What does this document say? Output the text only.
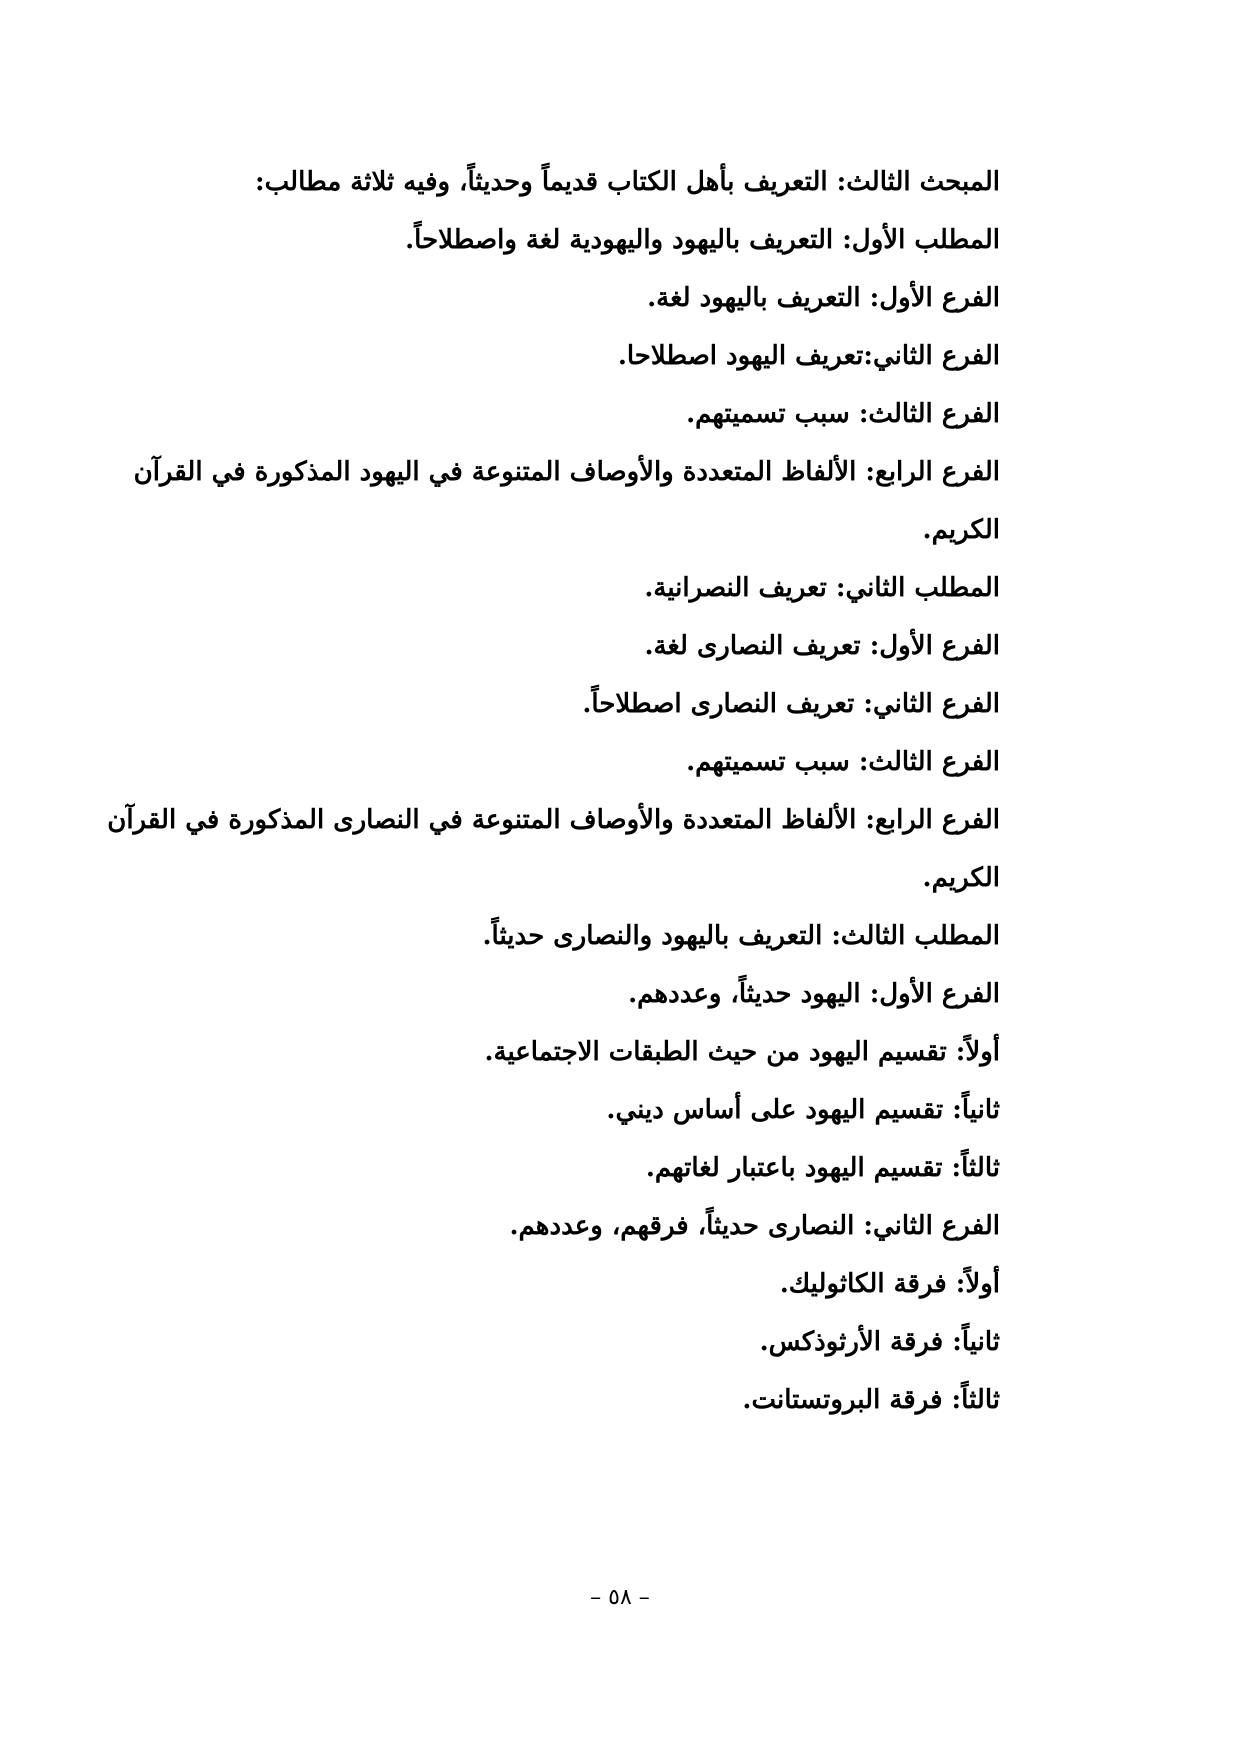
المبحث الثالث: التعريف بأهل الكتاب قديماً وحديثاً، وفيه ثلاثة مطالب:
المطلب الأول: التعريف باليهود واليهودية لغة واصطلاحاً.
الفرع الأول: التعريف باليهود لغة.
الفرع الثاني:تعريف اليهود اصطلاحا.
الفرع الثالث: سبب تسميتهم.
الفرع الرابع: الألفاظ المتعددة والأوصاف المتنوعة في اليهود المذكورة في القرآن
الكريم.
المطلب الثاني: تعريف النصرانية.
الفرع الأول: تعريف النصارى لغة.
الفرع الثاني: تعريف النصارى اصطلاحاً.
الفرع الثالث: سبب تسميتهم.
الفرع الرابع: الألفاظ المتعددة والأوصاف المتنوعة في النصارى المذكورة في القرآن
الكريم.
المطلب الثالث: التعريف باليهود والنصارى حديثاً.
الفرع الأول: اليهود حديثاً، وعددهم.
أولاً: تقسيم اليهود من حيث الطبقات الاجتماعية.
ثانياً: تقسيم اليهود على أساس ديني.
ثالثاً: تقسيم اليهود باعتبار لغاتهم.
الفرع الثاني: النصارى حديثاً، فرقهم، وعددهم.
أولاً: فرقة الكاثوليك.
ثانياً: فرقة الأرثوذكس.
ثالثاً: فرقة البروتستانت.
– ٥٨ –
